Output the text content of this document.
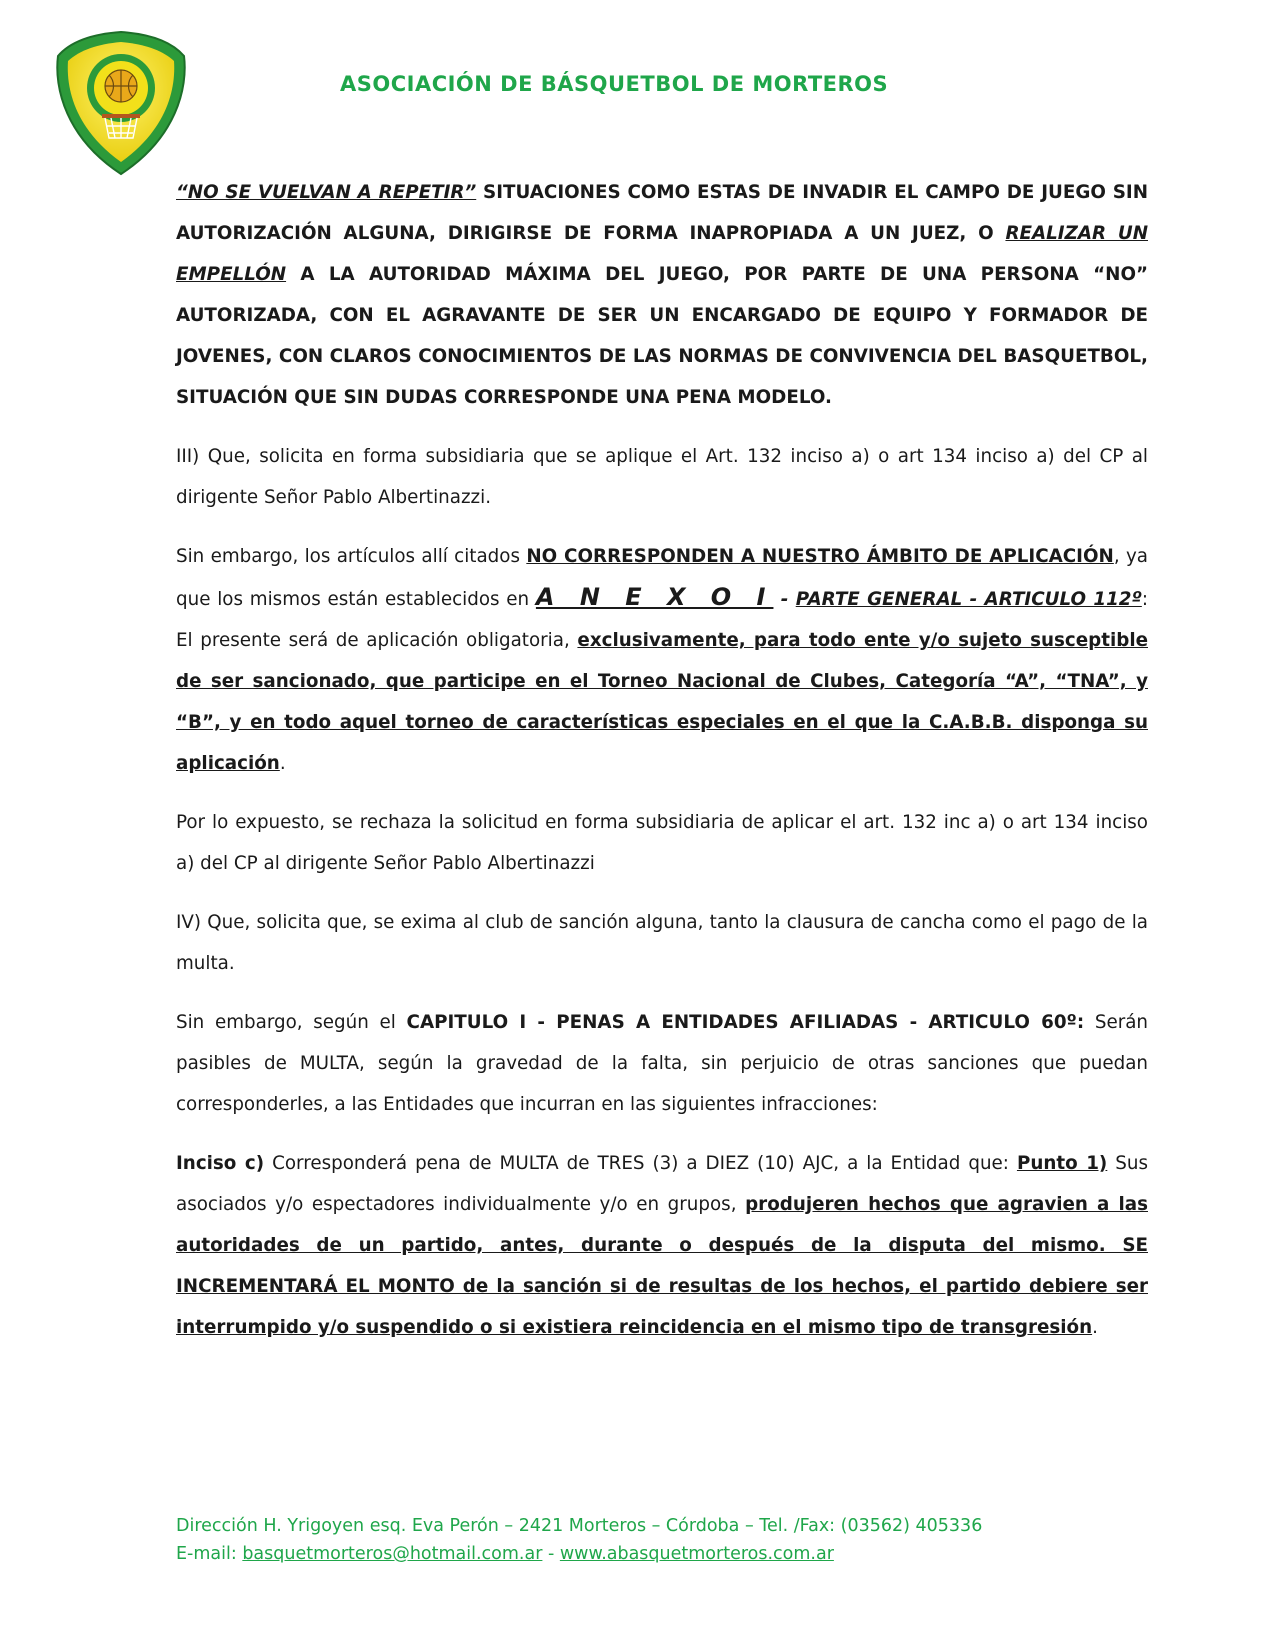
ASOCIACIÓN DE BÁSQUETBOL DE MORTEROS

“NO SE VUELVAN A REPETIR” SITUACIONES COMO ESTAS DE INVADIR EL CAMPO DE JUEGO SIN AUTORIZACIÓN ALGUNA, DIRIGIRSE DE FORMA INAPROPIADA A UN JUEZ, O REALIZAR UN EMPELLÓN A LA AUTORIDAD MÁXIMA DEL JUEGO, POR PARTE DE UNA PERSONA “NO” AUTORIZADA, CON EL AGRAVANTE DE SER UN ENCARGADO DE EQUIPO Y FORMADOR DE JOVENES, CON CLAROS CONOCIMIENTOS DE LAS NORMAS DE CONVIVENCIA DEL BASQUETBOL, SITUACIÓN QUE SIN DUDAS CORRESPONDE UNA PENA MODELO.

III) Que, solicita en forma subsidiaria que se aplique el Art. 132 inciso a) o art 134 inciso a) del CP al dirigente Señor Pablo Albertinazzi.

Sin embargo, los artículos allí citados NO CORRESPONDEN A NUESTRO ÁMBITO DE APLICACIÓN, ya que los mismos están establecidos en A N E X O I - PARTE GENERAL - ARTICULO 112º: El presente será de aplicación obligatoria, exclusivamente, para todo ente y/o sujeto susceptible de ser sancionado, que participe en el Torneo Nacional de Clubes, Categoría “A”, “TNA”, y “B”, y en todo aquel torneo de características especiales en el que la C.A.B.B. disponga su aplicación.

Por lo expuesto, se rechaza la solicitud en forma subsidiaria de aplicar el art. 132 inc a) o art 134 inciso a) del CP al dirigente Señor Pablo Albertinazzi

IV) Que, solicita que, se exima al club de sanción alguna, tanto la clausura de cancha como el pago de la multa.

Sin embargo, según el CAPITULO I - PENAS A ENTIDADES AFILIADAS - ARTICULO 60º: Serán pasibles de MULTA, según la gravedad de la falta, sin perjuicio de otras sanciones que puedan corresponderles, a las Entidades que incurran en las siguientes infracciones:

Inciso c) Corresponderá pena de MULTA de TRES (3) a DIEZ (10) AJC, a la Entidad que: Punto 1) Sus asociados y/o espectadores individualmente y/o en grupos, produjeren hechos que agravien a las autoridades de un partido, antes, durante o después de la disputa del mismo. SE INCREMENTARÁ EL MONTO de la sanción si de resultas de los hechos, el partido debiere ser interrumpido y/o suspendido o si existiera reincidencia en el mismo tipo de transgresión.

Dirección H. Yrigoyen esq. Eva Perón – 2421 Morteros – Córdoba – Tel. /Fax: (03562) 405336
E-mail: basquetmorteros@hotmail.com.ar - www.abasquetmorteros.com.ar
